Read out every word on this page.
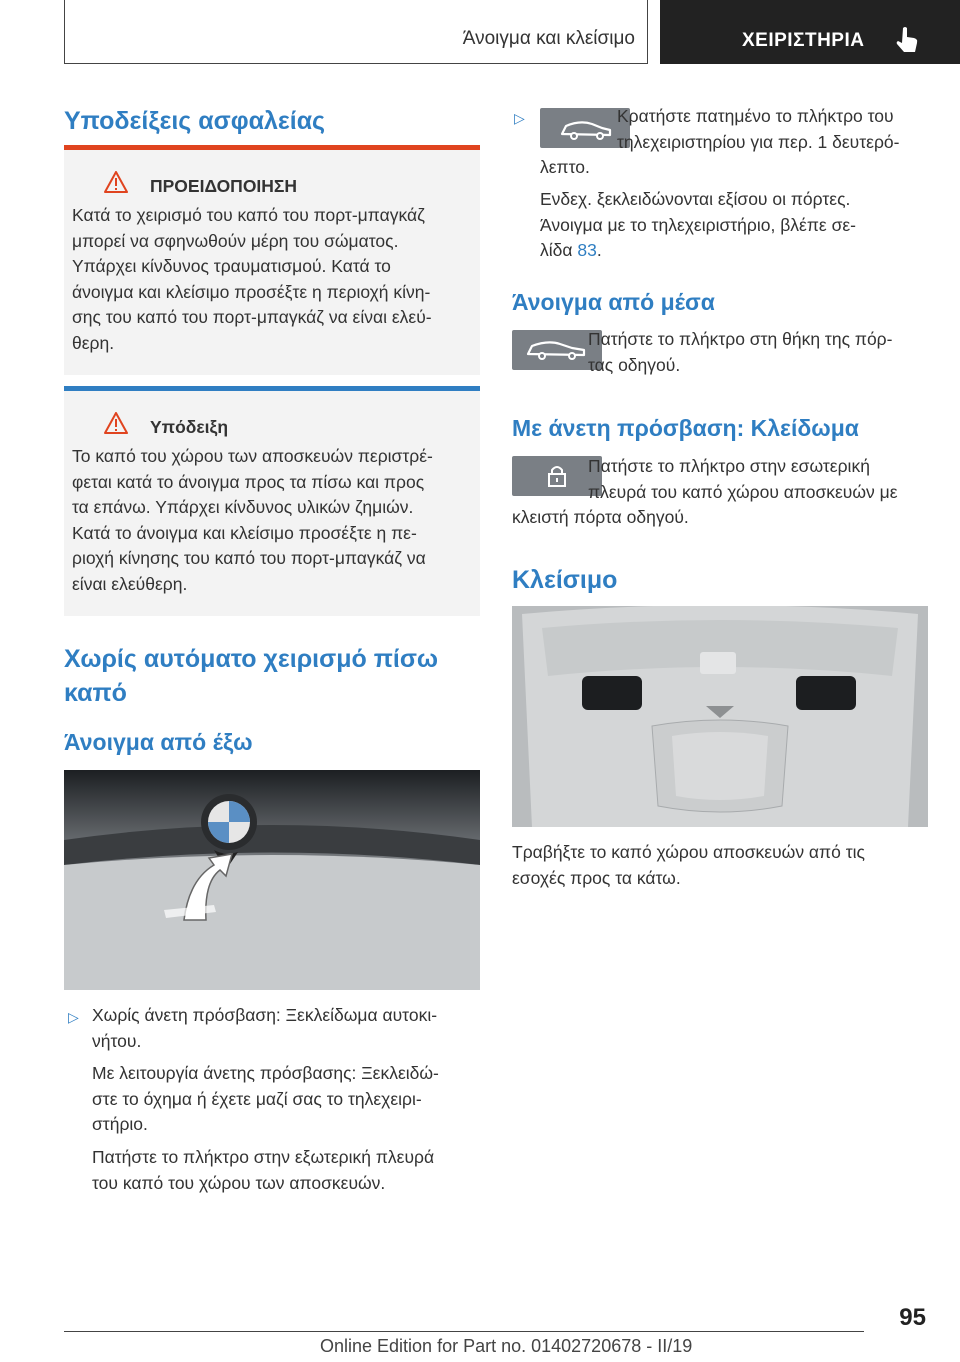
Άνοιγμα και κλείσιμο	ΧΕΙΡΙΣΤΗΡΙΑ
Υποδείξεις ασφαλείας
ΠΡΟΕΙΔΟΠΟΙΗΣΗ
Κατά το χειρισμό του καπό του πορτ-μπαγκάζ
μπορεί να σφηνωθούν μέρη του σώματος.
Υπάρχει κίνδυνος τραυματισμού. Κατά το
άνοιγμα και κλείσιμο προσέξτε η περιοχή κίνη-
σης του καπό του πορτ-μπαγκάζ να είναι ελεύ-
θερη.
Υπόδειξη
Το καπό του χώρου των αποσκευών περιστρέ-
φεται κατά το άνοιγμα προς τα πίσω και προς
τα επάνω. Υπάρχει κίνδυνος υλικών ζημιών.
Κατά το άνοιγμα και κλείσιμο προσέξτε η πε-
ριοχή κίνησης του καπό του πορτ-μπαγκάζ να
είναι ελεύθερη.
Χωρίς αυτόματο χειρισμό πίσω
καπό
Άνοιγμα από έξω
▷ Χωρίς άνετη πρόσβαση: Ξεκλείδωμα αυτοκι-
νήτου.
Με λειτουργία άνετης πρόσβασης: Ξεκλειδώ-
στε το όχημα ή έχετε μαζί σας το τηλεχειρι-
στήριο.
Πατήστε το πλήκτρο στην εξωτερική πλευρά
του καπό του χώρου των αποσκευών.
▷	Κρατήστε πατημένο το πλήκτρο του
τηλεχειριστηρίου για περ. 1 δευτερό-
λεπτο.
Ενδεχ. ξεκλειδώνονται εξίσου οι πόρτες.
Άνοιγμα με το τηλεχειριστήριο, βλέπε σε-
λίδα 83.
Άνοιγμα από μέσα
Πατήστε το πλήκτρο στη θήκη της πόρ-
τας οδηγού.
Με άνετη πρόσβαση: Κλείδωμα
Πατήστε το πλήκτρο στην εσωτερική
πλευρά του καπό χώρου αποσκευών με
κλειστή πόρτα οδηγού.
Κλείσιμο
Τραβήξτε το καπό χώρου αποσκευών από τις
εσοχές προς τα κάτω.
95
Online Edition for Part no. 01402720678 - II/19
